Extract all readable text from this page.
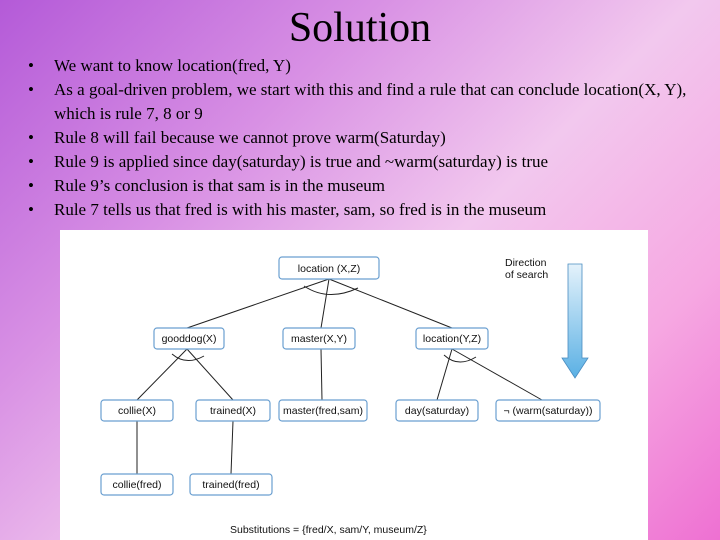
Solution
• We want to know location(fred, Y)
• As a goal-driven problem, we start with this and find a rule that can conclude location(X, Y), which is rule 7, 8 or 9
• Rule 8 will fail because we cannot prove warm(Saturday)
• Rule 9 is applied since day(saturday) is true and ~warm(saturday) is true
• Rule 9’s conclusion is that sam is in the museum
• Rule 7 tells us that fred is with his master, sam, so fred is in the museum
location (X,Z)
gooddog(X)	master(X,Y)	location(Y,Z)
collie(X)	trained(X)	master(fred,sam)	day(saturday)	¬ (warm(saturday))
collie(fred)	trained(fred)
Direction
of search
Substitutions = {fred/X, sam/Y, museum/Z}
